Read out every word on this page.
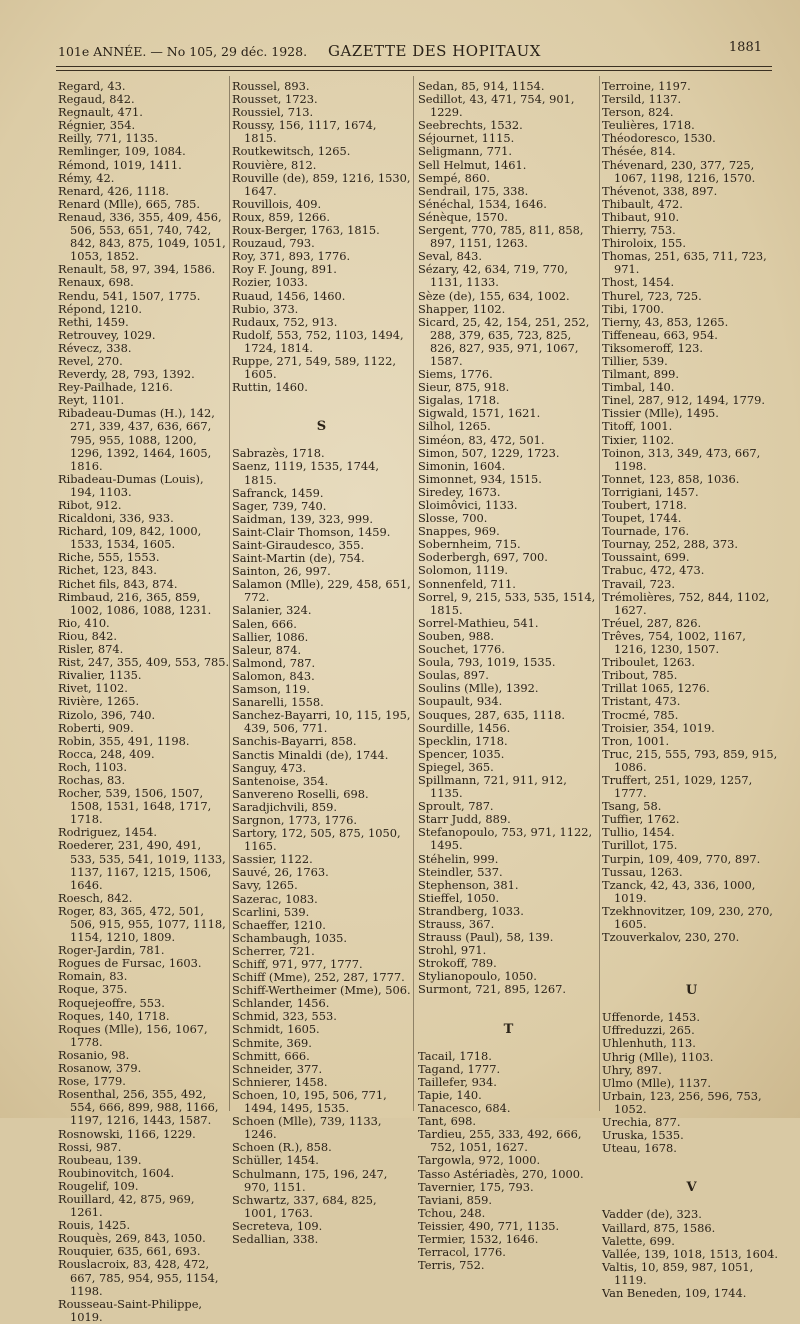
101e ANNÉE. — No 105, 29 déc. 1928. GAZETTE DES HOPITAUX	1881

Regard, 43.

Regaud, 842.

Regnault, 471.

Régnier, 354.

Reilly, 771, 1135.

Remlinger, 109, 1084.

Rémond, 1019, 1411.

Rémy, 42.

Renard, 426, 1118.

Renard (Mlle), 665, 785.

Renaud, 336, 355, 409, 456, 506, 553, 651, 740, 742, 842, 843, 875, 1049, 1051, 1053, 1852.

Renault, 58, 97, 394, 1586.

Renaux, 698.

Rendu, 541, 1507, 1775.

Répond, 1210.

Rethi, 1459.

Retrouvey, 1029.

Révecz, 338.

Revel, 270.

Reverdy, 28, 793, 1392.

Rey-Pailhade, 1216.

Reyt, 1101.

Ribadeau-Dumas (H.), 142, 271, 339, 437, 636, 667, 795, 955, 1088, 1200, 1296, 1392, 1464, 1605, 1816.

Ribadeau-Dumas (Louis), 194, 1103.

Ribot, 912.

Ricaldoni, 336, 933.

Richard, 109, 842, 1000, 1533, 1534, 1605.

Riche, 555, 1553.

Richet, 123, 843.

Richet fils, 843, 874.

Rimbaud, 216, 365, 859, 1002, 1086, 1088, 1231.

Rio, 410.

Riou, 842.

Risler, 874.

Rist, 247, 355, 409, 553, 785.

Rivalier, 1135.

Rivet, 1102.

Rivière, 1265.

Rizolo, 396, 740.

Roberti, 909.

Robin, 355, 491, 1198.

Rocca, 248, 409.

Roch, 1103.

Rochas, 83.

Rocher, 539, 1506, 1507, 1508, 1531, 1648, 1717, 1718.

Rodriguez, 1454.

Roederer, 231, 490, 491, 533, 535, 541, 1019, 1133, 1137, 1167, 1215, 1506, 1646.

Roesch, 842.

Roger, 83, 365, 472, 501, 506, 915, 955, 1077, 1118, 1154, 1210, 1809.

Roger-Jardin, 781.

Rogues de Fursac, 1603.

Romain, 83.

Roque, 375.

Roquejeoffre, 553.

Roques, 140, 1718.

Roques (Mlle), 156, 1067, 1778.

Rosanio, 98.

Rosanow, 379.

Rose, 1779.

Rosenthal, 256, 355, 492, 554, 666, 899, 988, 1166, 1197, 1216, 1443, 1587.

Rosnowski, 1166, 1229.

Rossi, 987.

Roubeau, 139.

Roubinovitch, 1604.

Rougelif, 109.

Rouillard, 42, 875, 969, 1261.

Rouis, 1425.

Rouquès, 269, 843, 1050.

Rouquier, 635, 661, 693.

Rouslacroix, 83, 428, 472, 667, 785, 954, 955, 1154, 1198.

Rousseau-Saint-Philippe, 1019.

Roussel, 893.

Rousset, 1723.

Roussiel, 713.

Roussy, 156, 1117, 1674, 1815.

Routkewitsch, 1265.

Rouvière, 812.

Rouville (de), 859, 1216, 1530, 1647.

Rouvillois, 409.

Roux, 859, 1266.

Roux-Berger, 1763, 1815.

Rouzaud, 793.

Roy, 371, 893, 1776.

Roy F. Joung, 891.

Rozier, 1033.

Ruaud, 1456, 1460.

Rubio, 373.

Rudaux, 752, 913.

Rudolf, 553, 752, 1103, 1494, 1724, 1814.

Ruppe, 271, 549, 589, 1122, 1605.

Ruttin, 1460.

S

Sabrazès, 1718.

Saenz, 1119, 1535, 1744, 1815.

Safranck, 1459.

Sager, 739, 740.

Saidman, 139, 323, 999.

Saint-Clair Thomson, 1459.

Saint-Giraudesco, 355.

Saint-Martin (de), 754.

Sainton, 26, 997.

Salamon (Mlle), 229, 458, 651, 772.

Salanier, 324.

Salen, 666.

Sallier, 1086.

Saleur, 874.

Salmond, 787.

Salomon, 843.

Samson, 119.

Sanarelli, 1558.

Sanchez-Bayarri, 10, 115, 195, 439, 506, 771.

Sanchis-Bayarri, 858.

Sanctis Minaldi (de), 1744.

Sanguy, 473.

Santenoise, 354.

Sanvereno Roselli, 698.

Saradjichvili, 859.

Sargnon, 1773, 1776.

Sartory, 172, 505, 875, 1050, 1165.

Sassier, 1122.

Sauvé, 26, 1763.

Savy, 1265.

Sazerac, 1083.

Scarlini, 539.

Schaeffer, 1210.

Schambaugh, 1035.

Scherrer, 721.

Schiff, 971, 977, 1777.

Schiff (Mme), 252, 287, 1777.

Schiff-Wertheimer (Mme), 506.

Schlander, 1456.

Schmid, 323, 553.

Schmidt, 1605.

Schmite, 369.

Schmitt, 666.

Schneider, 377.

Schnierer, 1458.

Schoen, 10, 195, 506, 771, 1494, 1495, 1535.

Schoen (Mlle), 739, 1133, 1246.

Schoen (R.), 858.

Schüller, 1454.

Schulmann, 175, 196, 247, 970, 1151.

Schwartz, 337, 684, 825, 1001, 1763.

Secreteva, 109.

Sedallian, 338.

Sedan, 85, 914, 1154.

Sedillot, 43, 471, 754, 901, 1229.

Seebrechts, 1532.

Séjournet, 1115.

Seligmann, 771.

Sell Helmut, 1461.

Sempé, 860.

Sendrail, 175, 338.

Sénéchal, 1534, 1646.

Sénèque, 1570.

Sergent, 770, 785, 811, 858, 897, 1151, 1263.

Seval, 843.

Sézary, 42, 634, 719, 770, 1131, 1133.

Sèze (de), 155, 634, 1002.

Shapper, 1102.

Sicard, 25, 42, 154, 251, 252, 288, 379, 635, 723, 825, 826, 827, 935, 971, 1067, 1587.

Siems, 1776.

Sieur, 875, 918.

Sigalas, 1718.

Sigwald, 1571, 1621.

Silhol, 1265.

Siméon, 83, 472, 501.

Simon, 507, 1229, 1723.

Simonin, 1604.

Simonnet, 934, 1515.

Siredey, 1673.

Sloimôvici, 1133.

Slosse, 700.

Snappes, 969.

Sobernheim, 715.

Soderbergh, 697, 700.

Solomon, 1119.

Sonnenfeld, 711.

Sorrel, 9, 215, 533, 535, 1514, 1815.

Sorrel-Mathieu, 541.

Souben, 988.

Souchet, 1776.

Soula, 793, 1019, 1535.

Soulas, 897.

Soulins (Mlle), 1392.

Soupault, 934.

Souques, 287, 635, 1118.

Sourdille, 1456.

Specklin, 1718.

Spencer, 1035.

Spiegel, 365.

Spillmann, 721, 911, 912, 1135.

Sproult, 787.

Starr Judd, 889.

Stefanopoulo, 753, 971, 1122, 1495.

Stéhelin, 999.

Steindler, 537.

Stephenson, 381.

Stieffel, 1050.

Strandberg, 1033.

Strauss, 367.

Strauss (Paul), 58, 139.

Strohl, 971.

Strokoff, 789.

Stylianopoulo, 1050.

Surmont, 721, 895, 1267.

T

Tacail, 1718.

Tagand, 1777.

Taillefer, 934.

Tapie, 140.

Tanacesco, 684.

Tant, 698.

Tardieu, 255, 333, 492, 666, 752, 1051, 1627.

Targowla, 972, 1000.

Tasso Astériadès, 270, 1000.

Tavernier, 175, 793.

Taviani, 859.

Tchou, 248.

Teissier, 490, 771, 1135.

Termier, 1532, 1646.

Terracol, 1776.

Terris, 752.

Terroine, 1197.

Tersild, 1137.

Terson, 824.

Teulières, 1718.

Théodoresco, 1530.

Thésée, 814.

Thévenard, 230, 377, 725, 1067, 1198, 1216, 1570.

Thévenot, 338, 897.

Thibault, 472.

Thibaut, 910.

Thierry, 753.

Thiroloix, 155.

Thomas, 251, 635, 711, 723, 971.

Thost, 1454.

Thurel, 723, 725.

Tibi, 1700.

Tierny, 43, 853, 1265.

Tiffeneau, 663, 954.

Tiksomeroff, 123.

Tillier, 539.

Tilmant, 899.

Timbal, 140.

Tinel, 287, 912, 1494, 1779.

Tissier (Mlle), 1495.

Titoff, 1001.

Tixier, 1102.

Toinon, 313, 349, 473, 667, 1198.

Tonnet, 123, 858, 1036.

Torrigiani, 1457.

Toubert, 1718.

Toupet, 1744.

Tournade, 176.

Tournay, 252, 288, 373.

Toussaint, 699.

Trabuc, 472, 473.

Travail, 723.

Trémolières, 752, 844, 1102, 1627.

Tréuel, 287, 826.

Trêves, 754, 1002, 1167, 1216, 1230, 1507.

Triboulet, 1263.

Tribout, 785.

Trillat 1065, 1276.

Tristant, 473.

Trocmé, 785.

Troisier, 354, 1019.

Tron, 1001.

Truc, 215, 555, 793, 859, 915, 1086.

Truffert, 251, 1029, 1257, 1777.

Tsang, 58.

Tuffier, 1762.

Tullio, 1454.

Turillot, 175.

Turpin, 109, 409, 770, 897.

Tussau, 1263.

Tzanck, 42, 43, 336, 1000, 1019.

Tzekhnovitzer, 109, 230, 270, 1605.

Tzouverkalov, 230, 270.

U

Uffenorde, 1453.

Uffreduzzi, 265.

Uhlenhuth, 113.

Uhrig (Mlle), 1103.

Uhry, 897.

Ulmo (Mlle), 1137.

Urbain, 123, 256, 596, 753, 1052.

Urechia, 877.

Uruska, 1535.

Uteau, 1678.

V

Vadder (de), 323.

Vaillard, 875, 1586.

Valette, 699.

Vallée, 139, 1018, 1513, 1604.

Valtis, 10, 859, 987, 1051, 1119.

Van Beneden, 109, 1744.
